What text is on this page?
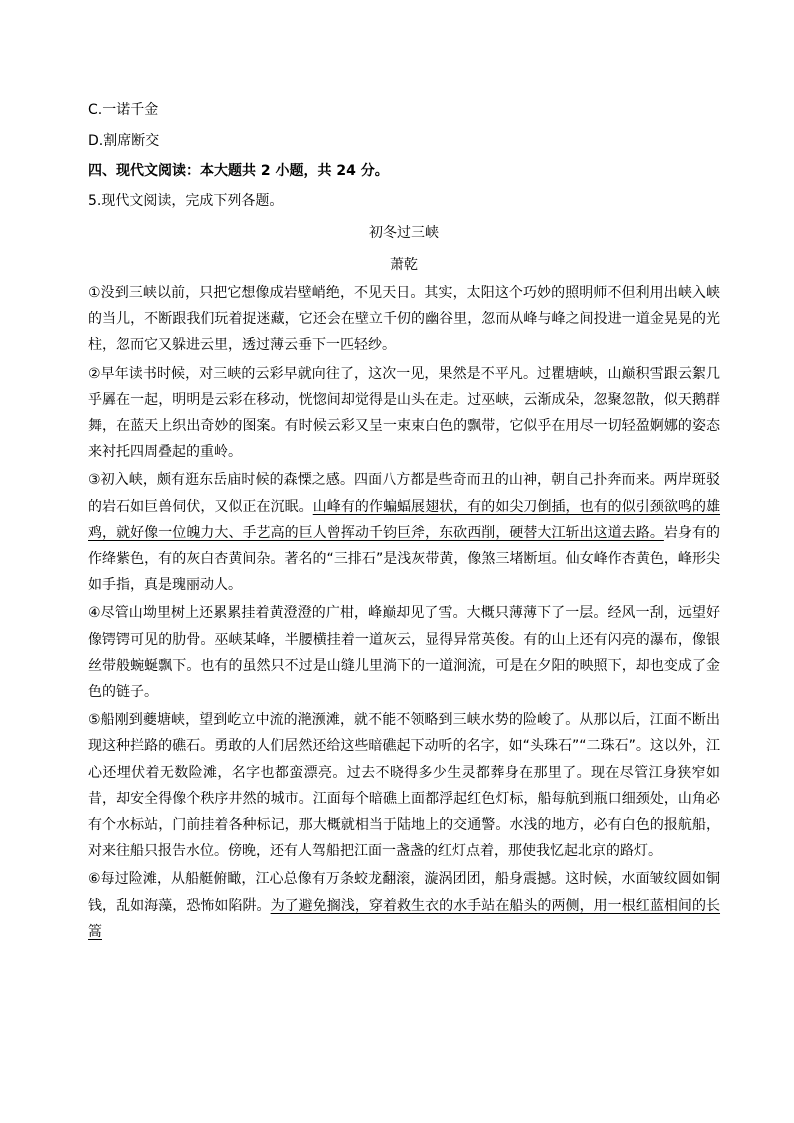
C.一诺千金
D.割席断交
四、现代文阅读：本大题共 2 小题，共 24 分。
5.现代文阅读，完成下列各题。
初冬过三峡
萧乾

①没到三峡以前，只把它想像成岩壁峭绝，不见天日。其实，太阳这个巧妙的照明师不但利用出峡入峡的当儿，不断跟我们玩着捉迷藏，它还会在壁立千仞的幽谷里，忽而从峰与峰之间投进一道金晃晃的光柱，忽而它又躲进云里，透过薄云垂下一匹轻纱。

②早年读书时候，对三峡的云彩早就向往了，这次一见，果然是不平凡。过瞿塘峡，山巅积雪跟云絮几乎羼在一起，明明是云彩在移动，恍惚间却觉得是山头在走。过巫峡，云渐成朵，忽聚忽散，似天鹅群舞，在蓝天上织出奇妙的图案。有时候云彩又呈一束束白色的飘带，它似乎在用尽一切轻盈婀娜的姿态来衬托四周叠起的重岭。

③初入峡，颇有逛东岳庙时候的森慄之感。四面八方都是些奇而丑的山神，朝自己扑奔而来。两岸斑驳的岩石如巨兽伺伏，又似正在沉眠。山峰有的作蝙蝠展翅状，有的如尖刀倒插，也有的似引颈欲鸣的雄鸡，就好像一位魄力大、手艺高的巨人曾挥动千钧巨斧，东砍西削，硬替大江斩出这道去路。岩身有的作绛紫色，有的灰白杏黄间杂。著名的“三排石”是浅灰带黄，像煞三堵断垣。仙女峰作杏黄色，峰形尖如手指，真是瑰丽动人。

④尽管山坳里树上还累累挂着黄澄澄的广柑，峰巅却见了雪。大概只薄薄下了一层。经风一刮，远望好像锷锷可见的肋骨。巫峡某峰，半腰横挂着一道灰云，显得异常英俊。有的山上还有闪亮的瀑布，像银丝带般蜿蜒飘下。也有的虽然只不过是山缝儿里淌下的一道涧流，可是在夕阳的映照下，却也变成了金色的链子。

⑤船刚到夔塘峡，望到屹立中流的滟滪滩，就不能不领略到三峡水势的险峻了。从那以后，江面不断出现这种拦路的礁石。勇敢的人们居然还给这些暗礁起下动听的名字，如“头珠石”“二珠石”。这以外，江心还埋伏着无数险滩，名字也都蛮漂亮。过去不晓得多少生灵都葬身在那里了。现在尽管江身狭窄如昔，却安全得像个秩序井然的城市。江面每个暗礁上面都浮起红色灯标，船每航到瓶口细颈处，山角必有个水标站，门前挂着各种标记，那大概就相当于陆地上的交通警。水浅的地方，必有白色的报航船，对来往船只报告水位。傍晚，还有人驾船把江面一盏盏的红灯点着，那使我忆起北京的路灯。

⑥每过险滩，从船艇俯瞰，江心总像有万条蛟龙翻滚，漩涡团团，船身震撼。这时候，水面皱纹圆如铜钱，乱如海藻，恐怖如陷阱。为了避免搁浅，穿着救生衣的水手站在船头的两侧，用一根红蓝相间的长篙
